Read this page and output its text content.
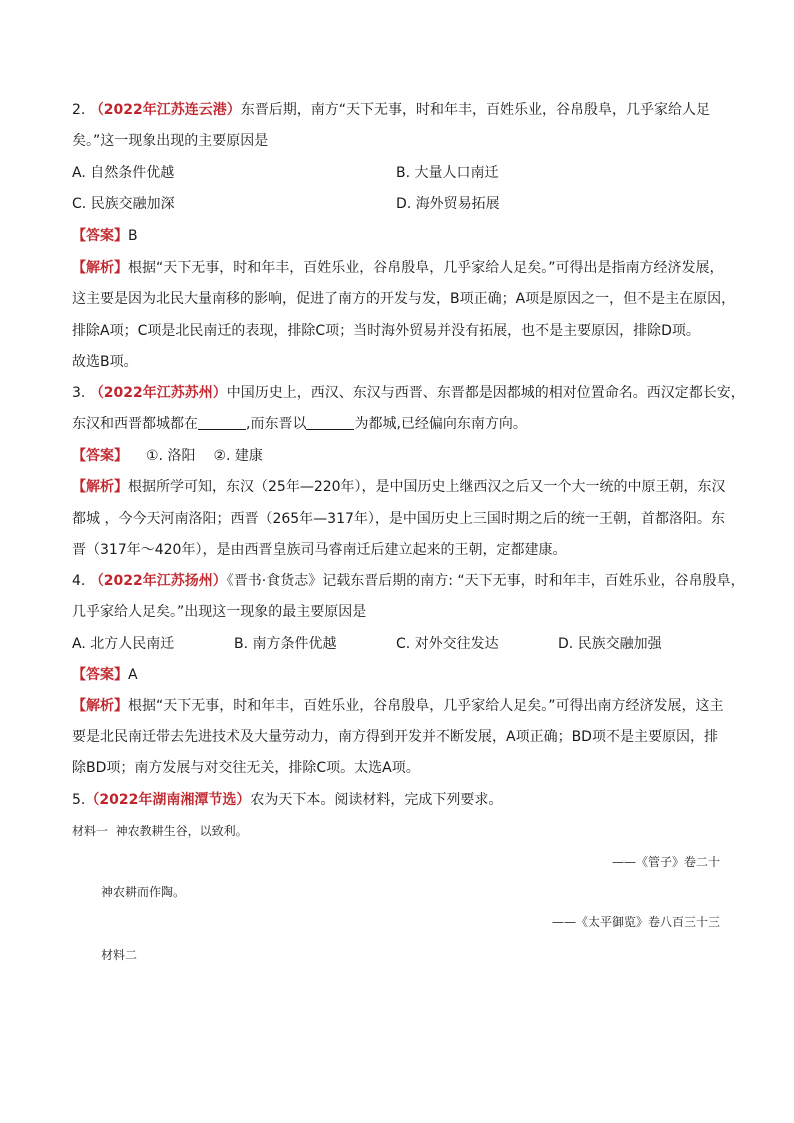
2. （2022年江苏连云港）东晋后期，南方“天下无事，时和年丰，百姓乐业，谷帛殷阜，几乎家给人足
矣。”这一现象出现的主要原因是
A. 自然条件优越	B. 大量人口南迁
C. 民族交融加深	D. 海外贸易拓展
【答案】B
【解析】根据“天下无事，时和年丰，百姓乐业，谷帛殷阜，几乎家给人足矣。”可得出是指南方经济发展，
这主要是因为北民大量南移的影响，促进了南方的开发与发，B项正确；A项是原因之一，但不是主在原因，
排除A项；C项是北民南迁的表现，排除C项；当时海外贸易并没有拓展，也不是主要原因，排除D项。
故选B项。
3. （2022年江苏苏州）中国历史上，西汉、东汉与西晋、东晋都是因都城的相对位置命名。西汉定都长安，
东汉和西晋都城都在	,而东晋以	为都城,已经偏向东南方向。
【答案】 ①. 洛阳 ②. 建康
【解析】根据所学可知，东汉（25年—220年），是中国历史上继西汉之后又一个大一统的中原王朝，东汉
都城 ，今今天河南洛阳；西晋（265年—317年），是中国历史上三国时期之后的统一王朝，首都洛阳。东
晋（317年～420年），是由西晋皇族司马睿南迁后建立起来的王朝，定都建康。
4. （2022年江苏扬州）《晋书·食货志》记载东晋后期的南方: “天下无事，时和年丰，百姓乐业，谷帛殷阜，
几乎家给人足矣。”出现这一现象的最主要原因是
A. 北方人民南迁	B. 南方条件优越	C. 对外交往发达	D. 民族交融加强
【答案】A
【解析】根据“天下无事，时和年丰，百姓乐业，谷帛殷阜，几乎家给人足矣。”可得出南方经济发展，这主
要是北民南迁带去先进技术及大量劳动力，南方得到开发并不断发展，A项正确；BD项不是主要原因，排
除BD项；南方发展与对交往无关，排除C项。太选A项。
5.（2022年湖南湘潭节选）农为天下本。阅读材料，完成下列要求。
材料一 神农教耕生谷，以致利。
——《管子》卷二十
神农耕而作陶。
——《太平御览》卷八百三十三
材料二
